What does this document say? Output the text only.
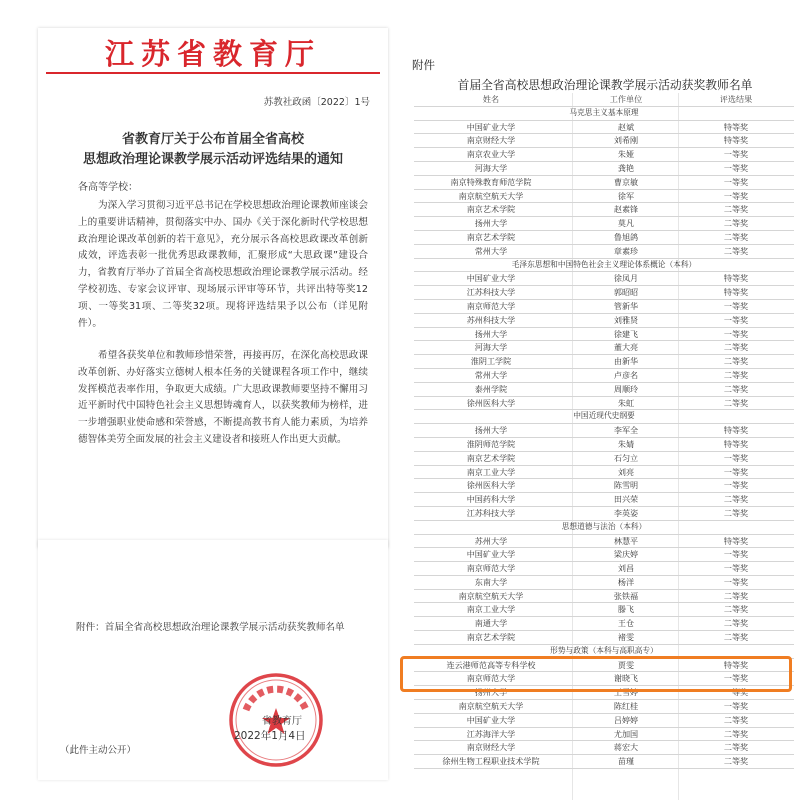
江苏省教育厅
苏教社政函〔2022〕1号
省教育厅关于公布首届全省高校
思想政治理论课教学展示活动评选结果的通知
各高等学校：
为深入学习贯彻习近平总书记在学校思想政治理论课教师座谈会上的重要讲话精神，贯彻落实中办、国办《关于深化新时代学校思想政治理论课改革创新的若干意见》，充分展示各高校思政课改革创新成效，评选表彰一批优秀思政课教师，汇聚形成“大思政课”建设合力，省教育厅举办了首届全省高校思想政治理论课教学展示活动。经学校初选、专家会议评审、现场展示评审等环节，共评出特等奖12项、一等奖31项、二等奖32项。现将评选结果予以公布（详见附件）。
希望各获奖单位和教师珍惜荣誉，再接再厉，在深化高校思政课改革创新、办好落实立德树人根本任务的关键课程各项工作中，继续发挥模范表率作用，争取更大成绩。广大思政课教师要坚持不懈用习近平新时代中国特色社会主义思想铸魂育人，以获奖教师为榜样，进一步增强职业使命感和荣誉感，不断提高教书育人能力素质，为培养德智体美劳全面发展的社会主义建设者和接班人作出更大贡献。
附件：首届全省高校思想政治理论课教学展示活动获奖教师名单
省教育厅
2022年1月4日
（此件主动公开）
附件
首届全省高校思想政治理论课教学展示活动获奖教师名单
姓名	工作单位	评选结果
马克思主义基本原理
中国矿业大学	赵斌	特等奖
南京财经大学	刘希刚	特等奖
南京农业大学	朱娅	一等奖
河海大学	龚艳	一等奖
南京特殊教育师范学院	曹京敏	一等奖
南京航空航天大学	徐军	一等奖
南京艺术学院	赵素锋	二等奖
扬州大学	莫凡	二等奖
南京艺术学院	鲁旭鸽	二等奖
常州大学	章素珍	二等奖
毛泽东思想和中国特色社会主义理论体系概论（本科）
中国矿业大学	徐凤月	特等奖
江苏科技大学	郭昭昭	特等奖
南京师范大学	管新华	一等奖
苏州科技大学	刘雅贤	一等奖
扬州大学	徐建飞	一等奖
河海大学	董大亮	二等奖
淮阴工学院	由新华	二等奖
常州大学	卢彦名	二等奖
泰州学院	周顺玲	二等奖
徐州医科大学	朱虹	二等奖
中国近现代史纲要
扬州大学	李军全	特等奖
淮阴师范学院	朱婧	特等奖
南京艺术学院	石匀立	一等奖
南京工业大学	刘亮	一等奖
徐州医科大学	陈雪明	一等奖
中国药科大学	田兴荣	二等奖
江苏科技大学	李英姿	二等奖
思想道德与法治（本科）
苏州大学	林慧平	特等奖
中国矿业大学	梁庆婷	一等奖
南京师范大学	刘昌	一等奖
东南大学	杨洋	一等奖
南京航空航天大学	张铁福	二等奖
南京工业大学	滕飞	二等奖
南通大学	王仓	二等奖
南京艺术学院	褚雯	二等奖
形势与政策（本科与高职高专）
连云港师范高等专科学校	贾雯	特等奖
南京师范大学	谢晓飞	一等奖
扬州大学	王雪婷	一等奖
南京航空航天大学	陈红桂	一等奖
中国矿业大学	吕婷婷	二等奖
江苏海洋大学	尤加国	二等奖
南京财经大学	蒋宏大	二等奖
徐州生物工程职业技术学院	苗瑾	二等奖
